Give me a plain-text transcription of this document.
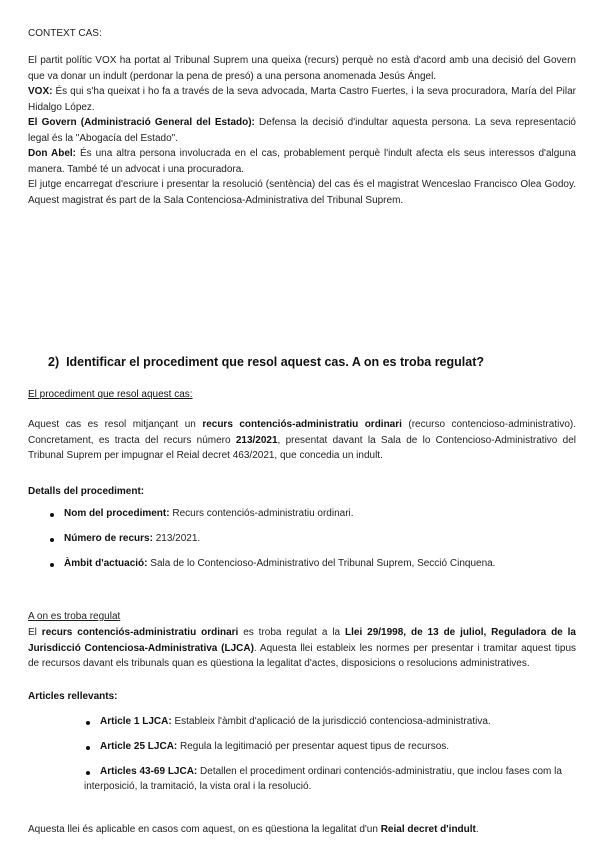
CONTEXT CAS:
El partit polític VOX ha portat al Tribunal Suprem una queixa (recurs) perquè no està d'acord amb una decisió del Govern que va donar un indult (perdonar la pena de presó) a una persona anomenada Jesús Ángel.
VOX: És qui s'ha queixat i ho fa a través de la seva advocada, Marta Castro Fuertes, i la seva procuradora, María del Pilar Hidalgo López.
El Govern (Administració General del Estado): Defensa la decisió d'indultar aquesta persona. La seva representació legal és la "Abogacía del Estado".
Don Abel: És una altra persona involucrada en el cas, probablement perquè l'indult afecta els seus interessos d'alguna manera. També té un advocat i una procuradora.
El jutge encarregat d'escriure i presentar la resolució (sentència) del cas és el magistrat Wenceslao Francisco Olea Godoy. Aquest magistrat és part de la Sala Contenciosa-Administrativa del Tribunal Suprem.
2) Identificar el procediment que resol aquest cas. A on es troba regulat?
El procediment que resol aquest cas:
Aquest cas es resol mitjançant un recurs contenciós-administratiu ordinari (recurso contencioso-administrativo). Concretament, es tracta del recurs número 213/2021, presentat davant la Sala de lo Contencioso-Administrativo del Tribunal Suprem per impugnar el Reial decret 463/2021, que concedia un indult.
Detalls del procediment:
Nom del procediment: Recurs contenciós-administratiu ordinari.
Número de recurs: 213/2021.
Àmbit d'actuació: Sala de lo Contencioso-Administrativo del Tribunal Suprem, Secció Cinquena.
A on es troba regulat
El recurs contenciós-administratiu ordinari es troba regulat a la Llei 29/1998, de 13 de juliol, Reguladora de la Jurisdicció Contenciosa-Administrativa (LJCA). Aquesta llei estableix les normes per presentar i tramitar aquest tipus de recursos davant els tribunals quan es qüestiona la legalitat d'actes, disposicions o resolucions administratives.
Articles rellevants:
Article 1 LJCA: Estableix l'àmbit d'aplicació de la jurisdicció contenciosa-administrativa.
Article 25 LJCA: Regula la legitimació per presentar aquest tipus de recursos.
Articles 43-69 LJCA: Detallen el procediment ordinari contenciós-administratiu, que inclou fases com la interposició, la tramitació, la vista oral i la resolució.
Aquesta llei és aplicable en casos com aquest, on es qüestiona la legalitat d'un Reial decret d'indult.
